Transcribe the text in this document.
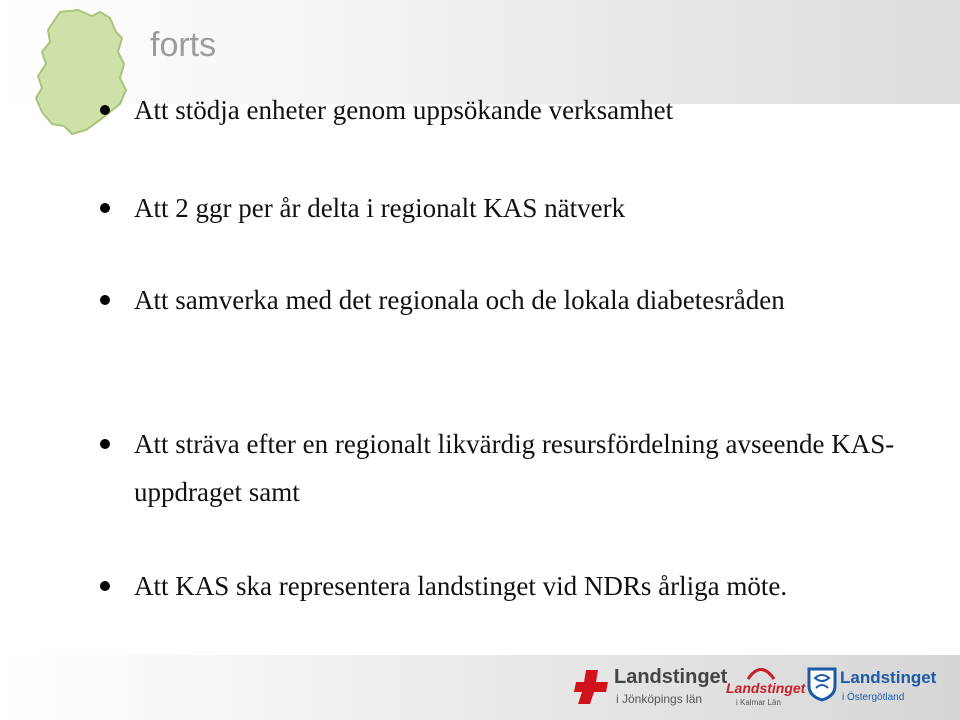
forts
Att stödja enheter genom uppsökande verksamhet
Att 2 ggr per år delta i regionalt KAS nätverk
Att samverka med det regionala och de lokala diabetesråden
Att sträva efter en regionalt likvärdig resursfördelning avseende KAS-uppdraget samt
Att KAS ska representera landstinget vid NDRs årliga möte.
Landstinget
i Jönköpings län
Landstinget
i Kalmar Län
Landstinget
i Östergötland
